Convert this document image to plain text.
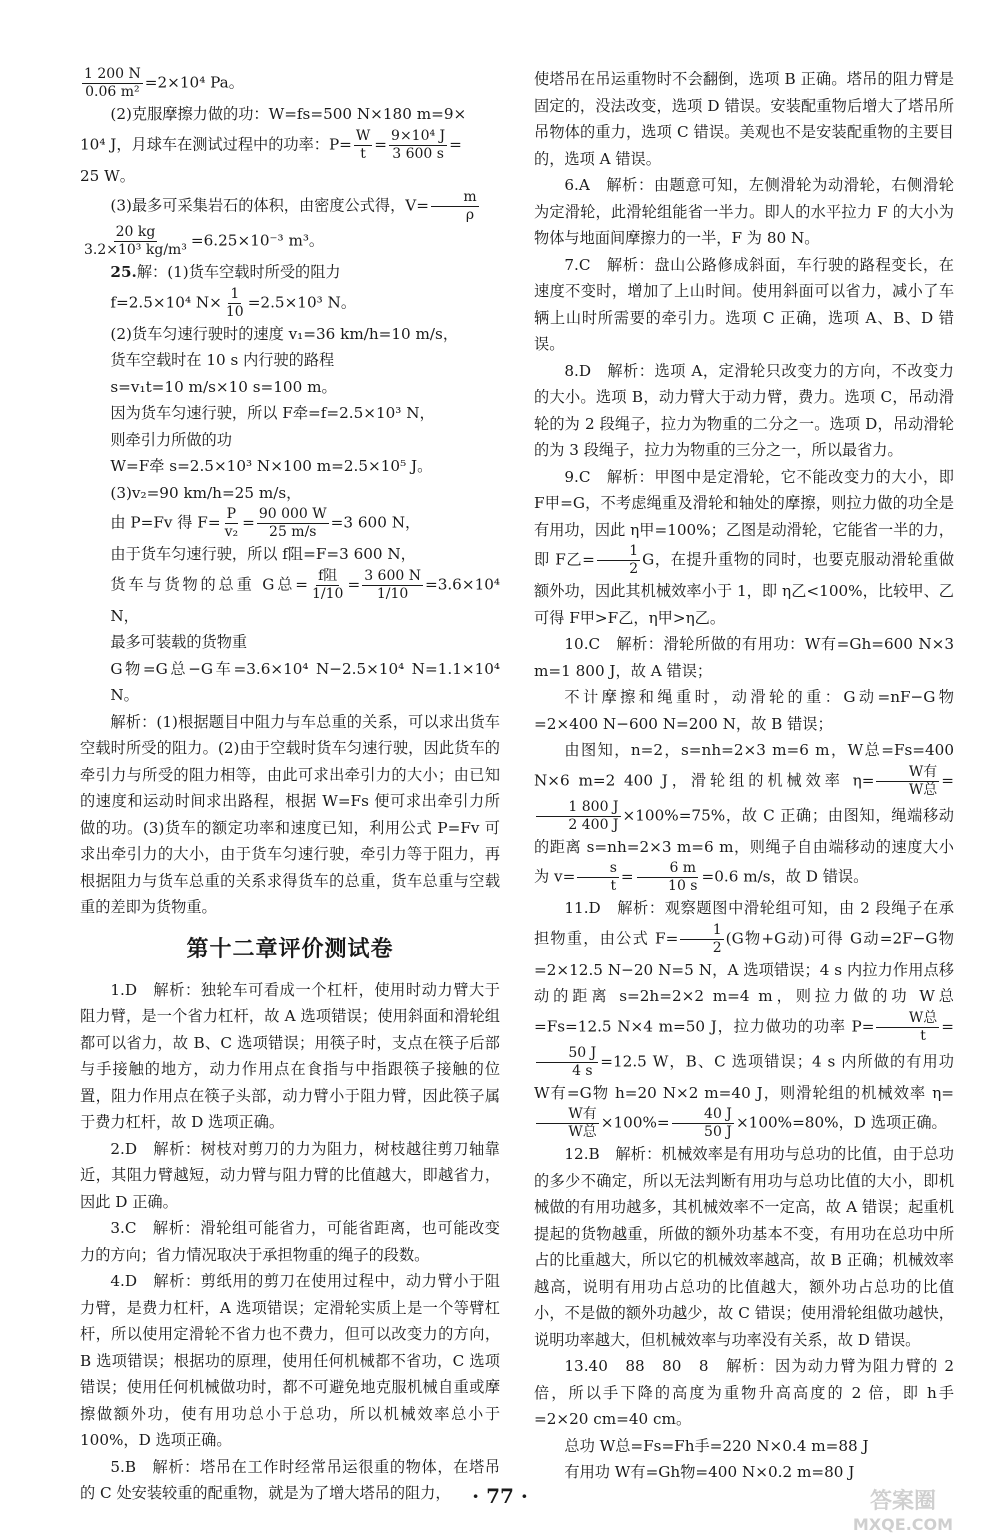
$\frac{1 200 N}{\text{0.06 m²}} =2\times 10^4$ Pa。

(2)克服摩擦力做的功：W=fs=500 N×180 m=9×

10⁴ J，月球车在测试过程中的功率：$P= \frac{W}{t} = \frac{\text{9×10⁴ J}}{3 600 s}$ =

25 W。

(3)最多可采集岩石的体积，由密度公式得，$V= \frac{m}{\rho}$

$\frac{20 kg}{\text{3.2×10³ kg/m³}} =6.25\times 10^{-3}$ m³。

25.解：(1)货车空载时所受的阻力

f=2.5×10⁴ $N\times \frac{1}{10} =2.5\times 10^3$ N。

(2)货车匀速行驶时的速度 v₁=36 km/h=10 m/s，

货车空载时在 10 s 内行驶的路程

s=v₁t=10 m/s×10 s=100 m。

因为货车匀速行驶，所以 F牵=f=2.5×10³ N，

则牵引力所做的功

W=F牵 s=2.5×10³ N×100 m=2.5×10⁵ J。

(3)v₂=90 km/h=25 m/s，

由 P=Fv 得 $F= \frac{P}{\text{v₂}} = \frac{90 000 W}{25 m/s} =3$ 600 N，

由于货车匀速行驶，所以 f阻=F=3 600 N，

货车与货物的总重 G总= $\frac{\text{f阻}}{1/10} = \frac{3 600 N}{1/10} =3.6\times 10^4$ N，

最多可装载的货物重

G物=G总−G车=3.6×10⁴ N−2.5×10⁴ N=1.1×10⁴ N。

解析：(1)根据题目中阻力与车总重的关系，可以求出货车空载时所受的阻力。(2)由于空载时货车匀速行驶，因此货车的牵引力与所受的阻力相等，由此可求出牵引力的大小；由已知的速度和运动时间求出路程，根据 W=Fs 便可求出牵引力所做的功。(3)货车的额定功率和速度已知，利用公式 P=Fv 可求出牵引力的大小，由于货车匀速行驶，牵引力等于阻力，再根据阻力与货车总重的关系求得货车的总重，货车总重与空载重的差即为货物重。

第十二章评价测试卷

1.D　解析：独轮车可看成一个杠杆，使用时动力臂大于阻力臂，是一个省力杠杆，故 A 选项错误；使用斜面和滑轮组都可以省力，故 B、C 选项错误；用筷子时，支点在筷子后部与手接触的地方，动力作用点在食指与中指跟筷子接触的位置，阻力作用点在筷子头部，动力臂小于阻力臂，因此筷子属于费力杠杆，故 D 选项正确。

2.D　解析：树枝对剪刀的力为阻力，树枝越往剪刀轴靠近，其阻力臂越短，动力臂与阻力臂的比值越大，即越省力，因此 D 正确。

3.C　解析：滑轮组可能省力，可能省距离，也可能改变力的方向；省力情况取决于承担物重的绳子的段数。

4.D　解析：剪纸用的剪刀在使用过程中，动力臂小于阻力臂，是费力杠杆，A 选项错误；定滑轮实质上是一个等臂杠杆，所以使用定滑轮不省力也不费力，但可以改变力的方向，B 选项错误；根据功的原理，使用任何机械都不省功，C 选项错误；使用任何机械做功时，都不可避免地克服机械自重或摩擦做额外功，使有用功总小于总功，所以机械效率总小于 100%，D 选项正确。

5.B　解析：塔吊在工作时经常吊运很重的物体，在塔吊的 C 处安装较重的配重物，就是为了增大塔吊的阻力，

使塔吊在吊运重物时不会翻倒，选项 B 正确。塔吊的阻力臂是固定的，没法改变，选项 D 错误。安装配重物后增大了塔吊所吊物体的重力，选项 C 错误。美观也不是安装配重物的主要目的，选项 A 错误。

6.A　解析：由题意可知，左侧滑轮为动滑轮，右侧滑轮为定滑轮，此滑轮组能省一半力。即人的水平拉力 F 的大小为物体与地面间摩擦力的一半，F 为 80 N。

7.C　解析：盘山公路修成斜面，车行驶的路程变长，在速度不变时，增加了上山时间。使用斜面可以省力，减小了车辆上山时所需要的牵引力。选项 C 正确，选项 A、B、D 错误。

8.D　解析：选项 A，定滑轮只改变力的方向，不改变力的大小。选项 B，动力臂大于动力臂，费力。选项 C，吊动滑轮的为 2 段绳子，拉力为物重的二分之一。选项 D，吊动滑轮的为 3 段绳子，拉力为物重的三分之一，所以最省力。

9.C　解析：甲图中是定滑轮，它不能改变力的大小，即 F甲=G，不考虑绳重及滑轮和轴处的摩擦，则拉力做的功全是有用功，因此 η甲=100%；乙图是动滑轮，它能省一半的力，即 F乙= $\frac{1}{2}$ G，在提升重物的同时，也要克服动滑轮重做额外功，因此其机械效率小于 1，即 η乙<100%，比较甲、乙可得 F甲>F乙，η甲>η乙。

10.C　解析：滑轮所做的有用功：W有=Gh=600 N×3 m=1 800 J，故 A 错误；

不计摩擦和绳重时，动滑轮的重：G动=nF−G物=2×400 N−600 N=200 N，故 B 错误；

由图知，n=2，s=nh=2×3 m=6 m，W总=Fs=400 N×6 m=2 400 J，滑轮组的机械效率 $\eta= \frac{\text{W有}}{\text{W总}}$ =
$\frac{1 800 J}{2 400 J} \times 100\%=75\%$，故 C 正确；由图知，绳端移动的距离 s=nh=2×3 m=6 m，则绳子自由端移动的速度大小为 $v= \frac{s}{t} = \frac{6 m}{10 s} =0.6$ m/s，故 D 错误。

11.D　解析：观察题图中滑轮组可知，由 2 段绳子在承担物重，由公式 $F= \frac{1}{2} (G$物+G动)可得 G动=2F−G物=2×12.5 N−20 N=5 N，A 选项错误；4 s 内拉力作用点移动的距离 s=2h=2×2 m=4 m，则拉力做的功 W总=Fs=12.5 N×4 m=50 J，拉力做功的功率 $P= \frac{\text{W总}}{t}$ =
$\frac{50 J}{4 s} =12.5$ W，B、C 选项错误；4 s 内所做的有用功 W有=G物 h=20 N×2 m=40 J，则滑轮组的机械效率 η=
$\frac{\text{W有}}{\text{W总}} \times 100\%= \frac{40 J}{50 J} \times 100\%=80\%$，D 选项正确。

12.B　解析：机械效率是有用功与总功的比值，由于总功的多少不确定，所以无法判断有用功与总功比值的大小，即机械做的有用功越多，其机械效率不一定高，故 A 错误；起重机提起的货物越重，所做的额外功基本不变，有用功在总功中所占的比重越大，所以它的机械效率越高，故 B 正确；机械效率越高，说明有用功占总功的比值越大，额外功占总功的比值小，不是做的额外功越少，故 C 错误；使用滑轮组做功越快，说明功率越大，但机械效率与功率没有关系，故 D 错误。

13.40　88　80　8　解析：因为动力臂为阻力臂的 2 倍，所以手下降的高度为重物升高高度的 2 倍，即 h手=2×20 cm=40 cm。

总功 W总=Fs=Fh手=220 N×0.4 m=88 J

有用功 W有=Gh物=400 N×0.2 m=80 J

· 77 ·	答案圈
MXQE.COM
